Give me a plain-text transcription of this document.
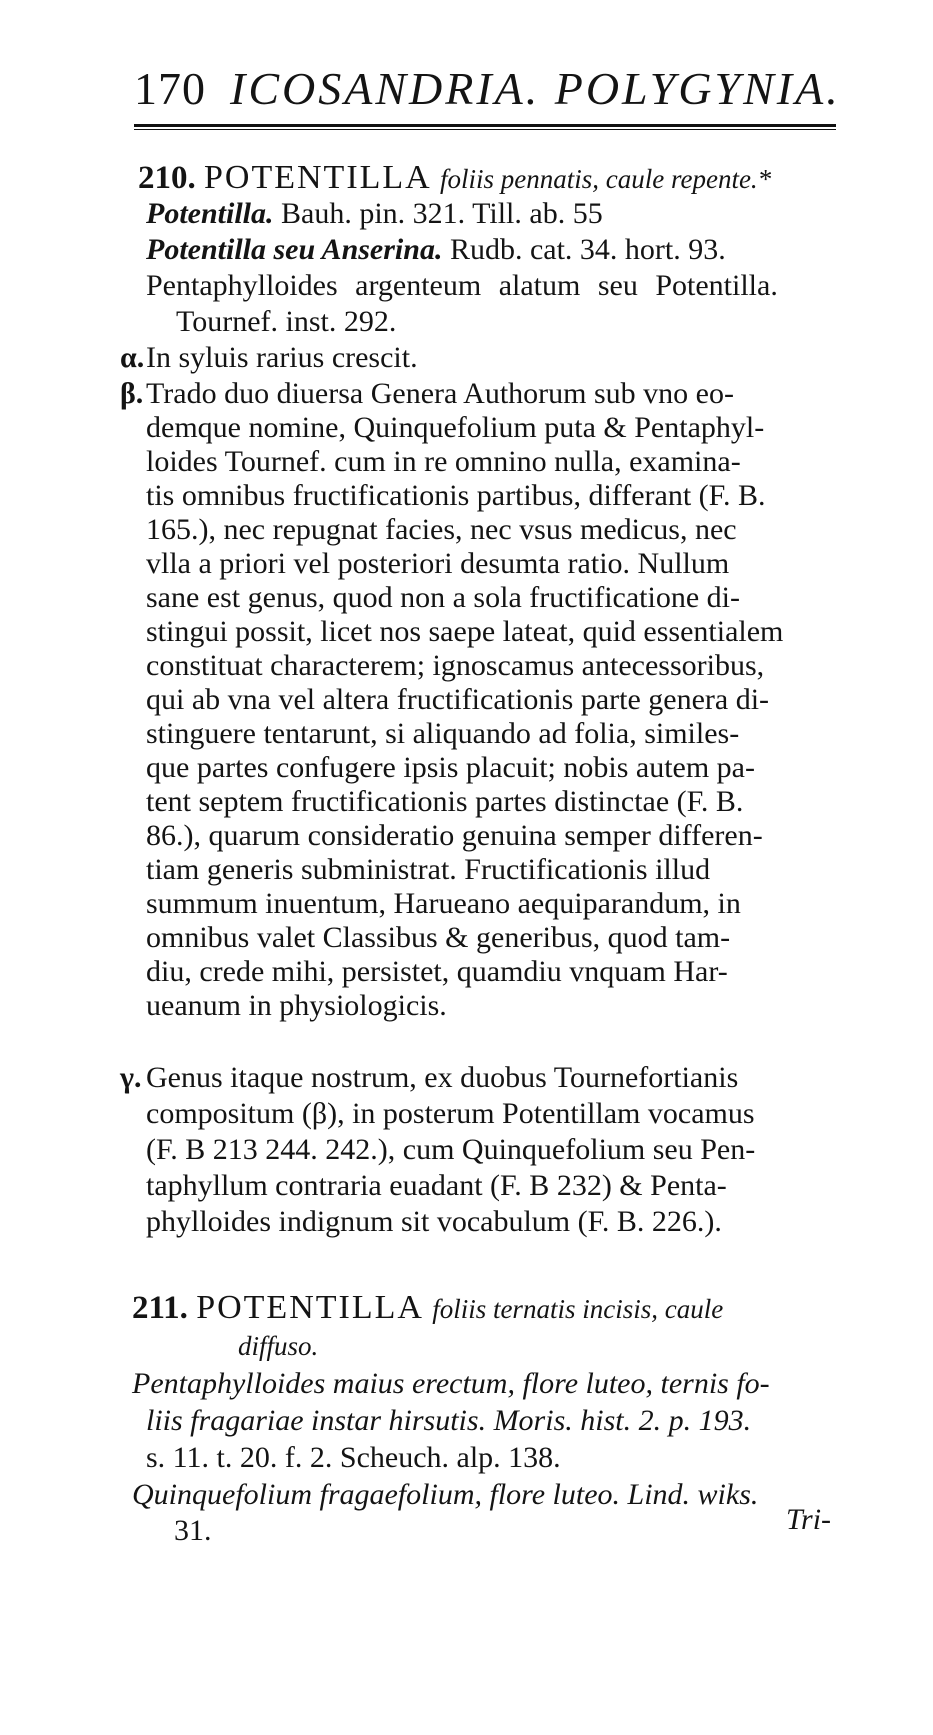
170 ICOSANDRIA. POLYGYNIA.
210. POTENTILLA foliis pennatis, caule repente.*
Potentilla. Bauh. pin. 321. Till. ab. 55
Potentilla seu Anserina. Rudb. cat. 34. hort. 93.
Pentaphylloides argenteum alatum seu Potentilla.
Tournef. inst. 292.
α. In syluis rarius crescit.
β. Trado duo diuersa Genera Authorum sub vno eo-
demque nomine, Quinquefolium puta & Pentaphyl-
loides Tournef. cum in re omnino nulla, examina-
tis omnibus fructificationis partibus, differant (F. B.
165.), nec repugnat facies, nec vsus medicus, nec
vlla a priori vel posteriori desumta ratio. Nullum
sane est genus, quod non a sola fructificatione di-
stingui possit, licet nos saepe lateat, quid essentialem
constituat characterem; ignoscamus antecessoribus,
qui ab vna vel altera fructificationis parte genera di-
stinguere tentarunt, si aliquando ad folia, similes-
que partes confugere ipsis placuit; nobis autem pa-
tent septem fructificationis partes distinctae (F. B.
86.), quarum consideratio genuina semper differen-
tiam generis subministrat. Fructificationis illud
summum inuentum, Harueano aequiparandum, in
omnibus valet Classibus & generibus, quod tam-
diu, crede mihi, persistet, quamdiu vnquam Har-
ueanum in physiologicis.
γ. Genus itaque nostrum, ex duobus Tournefortianis
compositum (β), in posterum Potentillam vocamus
(F. B 213 244. 242.), cum Quinquefolium seu Pen-
taphyllum contraria euadant (F. B 232) & Penta-
phylloides indignum sit vocabulum (F. B. 226.).
211. POTENTILLA foliis ternatis incisis, caule
diffuso.
Pentaphylloides maius erectum, flore luteo, ternis fo-
liis fragariae instar hirsutis. Moris. hist. 2. p. 193.
s. 11. t. 20. f. 2. Scheuch. alp. 138.
Quinquefolium fragaefolium, flore luteo. Lind. wiks.
31.	Tri-
